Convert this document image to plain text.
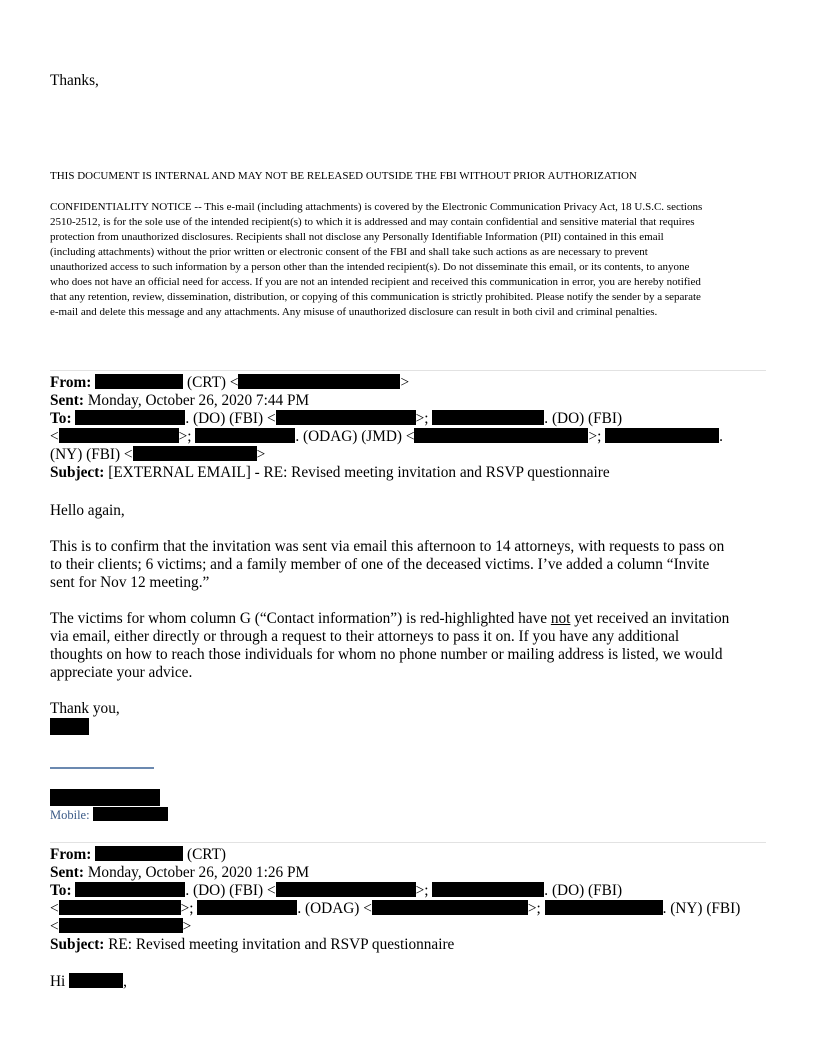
Thanks,
THIS DOCUMENT IS INTERNAL AND MAY NOT BE RELEASED OUTSIDE THE FBI WITHOUT PRIOR AUTHORIZATION
CONFIDENTIALITY NOTICE -- This e-mail (including attachments) is covered by the Electronic Communication Privacy Act, 18 U.S.C. sections
2510-2512, is for the sole use of the intended recipient(s) to which it is addressed and may contain confidential and sensitive material that requires
protection from unauthorized disclosures. Recipients shall not disclose any Personally Identifiable Information (PII) contained in this email
(including attachments) without the prior written or electronic consent of the FBI and shall take such actions as are necessary to prevent
unauthorized access to such information by a person other than the intended recipient(s). Do not disseminate this email, or its contents, to anyone
who does not have an official need for access. If you are not an intended recipient and received this communication in error, you are hereby notified
that any retention, review, dissemination, distribution, or copying of this communication is strictly prohibited. Please notify the sender by a separate
e-mail and delete this message and any attachments. Any misuse of unauthorized disclosure can result in both civil and criminal penalties.
From:	(CRT) <	>
Sent: Monday, October 26, 2020 7:44 PM
To:	. (DO) (FBI) <	>;	. (DO) (FBI)
<	>;	. (ODAG) (JMD) <	>;	.
(NY) (FBI) <	>
Subject: [EXTERNAL EMAIL] - RE: Revised meeting invitation and RSVP questionnaire
Hello again,
This is to confirm that the invitation was sent via email this afternoon to 14 attorneys, with requests to pass on
to their clients; 6 victims; and a family member of one of the deceased victims. I’ve added a column “Invite
sent for Nov 12 meeting.”
The victims for whom column G (“Contact information”) is red-highlighted have not yet received an invitation
via email, either directly or through a request to their attorneys to pass it on. If you have any additional
thoughts on how to reach those individuals for whom no phone number or mailing address is listed, we would
appreciate your advice.
Thank you,
Mobile:
From:	(CRT)
Sent: Monday, October 26, 2020 1:26 PM
To:	. (DO) (FBI) <	>;	. (DO) (FBI)
<	>;	. (ODAG) <	>;	. (NY) (FBI)
<	>
Subject: RE: Revised meeting invitation and RSVP questionnaire
Hi	,
